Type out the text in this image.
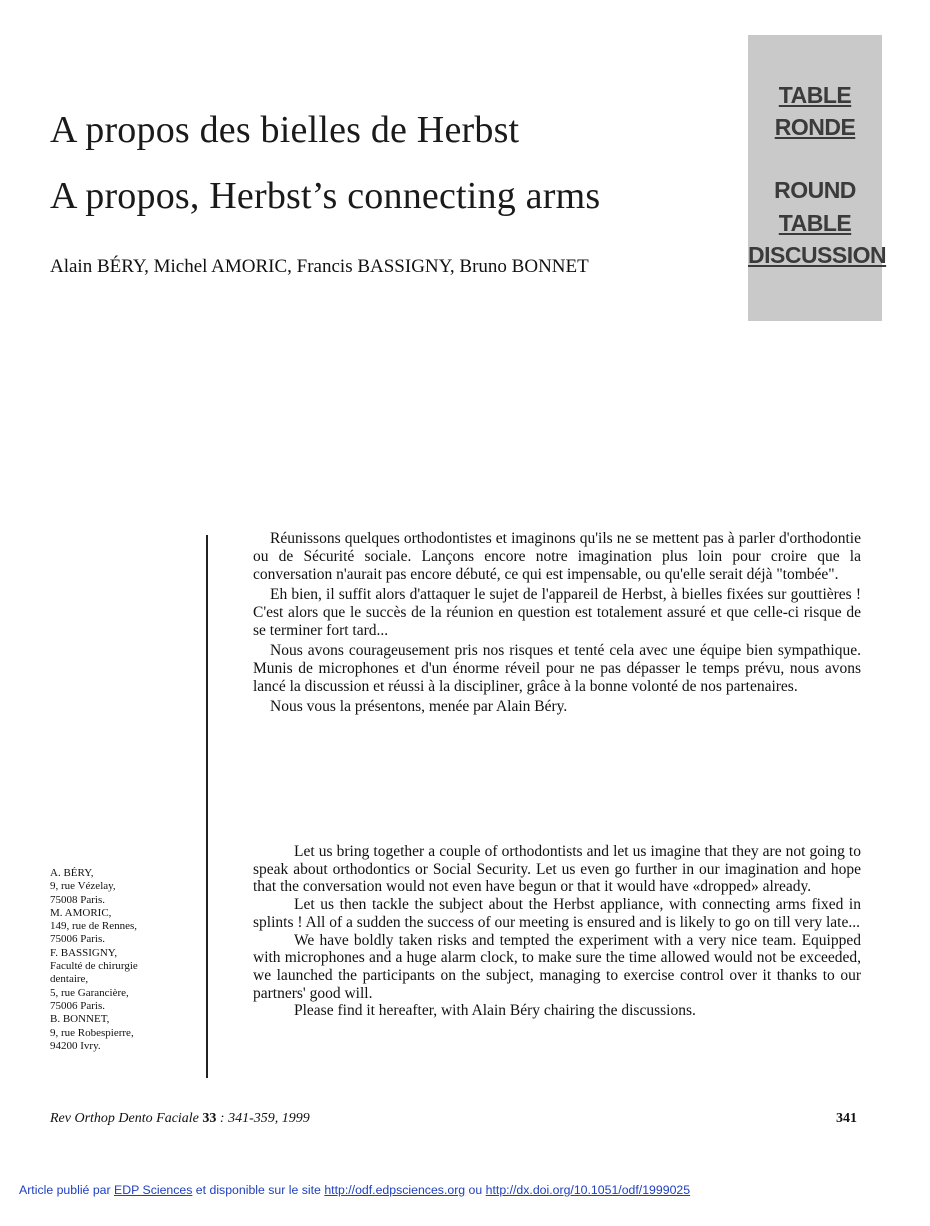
A propos des bielles de Herbst
A propos, Herbst’s connecting arms
Alain BÉRY, Michel AMORIC, Francis BASSIGNY, Bruno BONNET
TABLE
RONDE
ROUND
TABLE
DISCUSSION
A. BÉRY,
9, rue Vézelay,
75008 Paris.
M. AMORIC,
149, rue de Rennes,
75006 Paris.
F. BASSIGNY,
Faculté de chirurgie
dentaire,
5, rue Garancière,
75006 Paris.
B. BONNET,
9, rue Robespierre,
94200 Ivry.

Réunissons quelques orthodontistes et imaginons qu'ils ne se mettent pas à parler d'orthodontie ou de Sécurité sociale. Lançons encore notre imagination plus loin pour croire que la conversation n'aurait pas encore débuté, ce qui est impensable, ou qu'elle serait déjà "tombée".

Eh bien, il suffit alors d'attaquer le sujet de l'appareil de Herbst, à bielles fixées sur gouttières ! C'est alors que le succès de la réunion en question est totalement assuré et que celle-ci risque de se terminer fort tard...

Nous avons courageusement pris nos risques et tenté cela avec une équipe bien sympathique. Munis de microphones et d'un énorme réveil pour ne pas dépasser le temps prévu, nous avons lancé la discussion et réussi à la discipliner, grâce à la bonne volonté de nos partenaires.

Nous vous la présentons, menée par Alain Béry.

Let us bring together a couple of orthodontists and let us imagine that they are not going to speak about orthodontics or Social Security. Let us even go further in our imagination and hope that the conversation would not even have begun or that it would have «dropped» already.

Let us then tackle the subject about the Herbst appliance, with connecting arms fixed in splints ! All of a sudden the success of our meeting is ensured and is likely to go on till very late...

We have boldly taken risks and tempted the experiment with a very nice team. Equipped with microphones and a huge alarm clock, to make sure the time allowed would not be exceeded, we launched the participants on the subject, managing to exercise control over it thanks to our partners' good will.

Please find it hereafter, with Alain Béry chairing the discussions.

Rev Orthop Dento Faciale 33 : 341-359, 1999	341
Article publié par EDP Sciences et disponible sur le site http://odf.edpsciences.org ou http://dx.doi.org/10.1051/odf/1999025
